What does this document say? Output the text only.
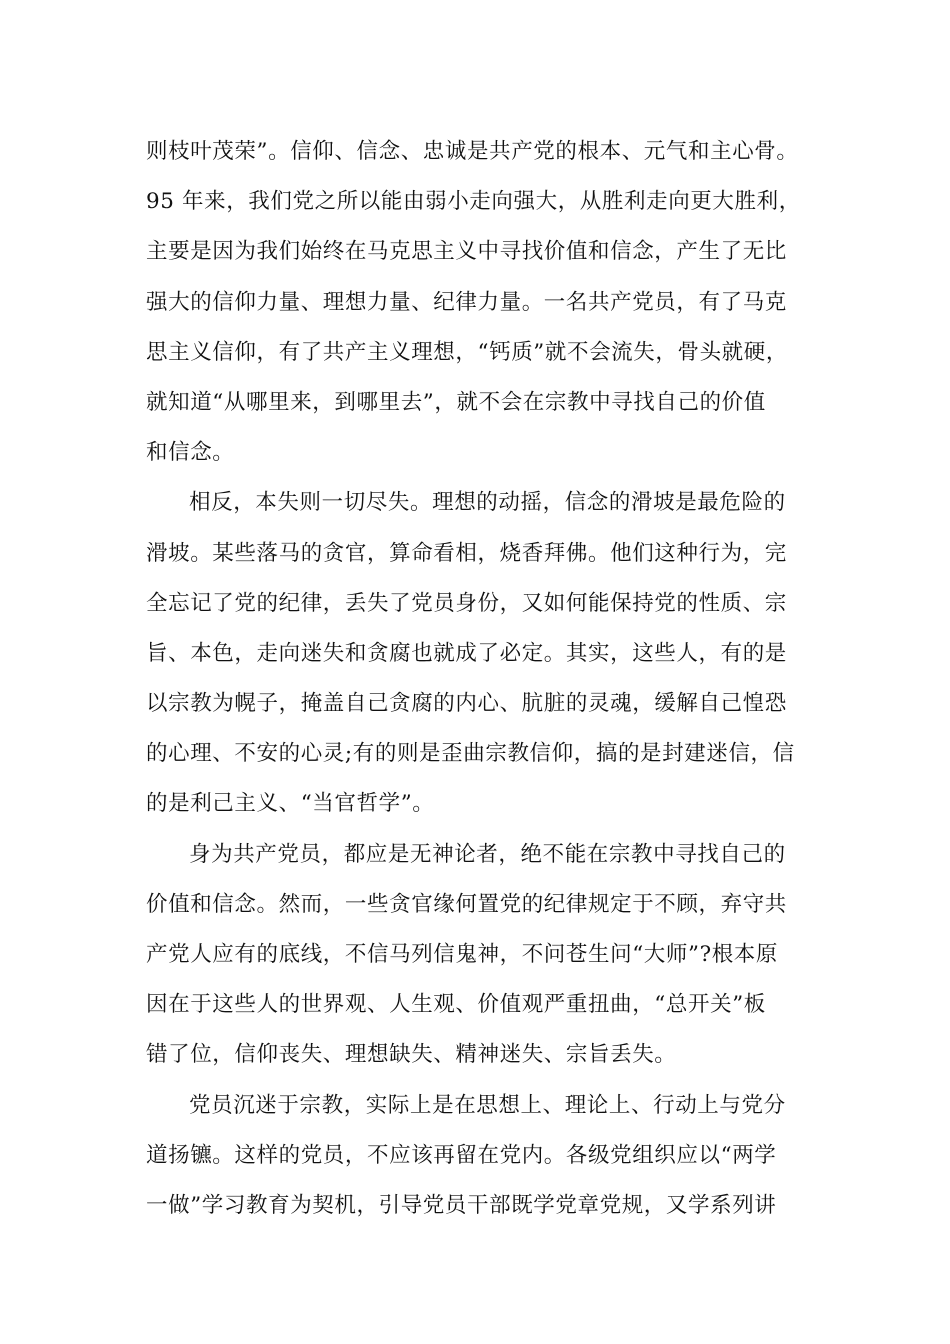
则枝叶茂荣”。信仰、信念、忠诚是共产党的根本、元气和主心骨。
95 年来，我们党之所以能由弱小走向强大，从胜利走向更大胜利，
主要是因为我们始终在马克思主义中寻找价值和信念，产生了无比
强大的信仰力量、理想力量、纪律力量。一名共产党员，有了马克
思主义信仰，有了共产主义理想，“钙质”就不会流失，骨头就硬，
就知道“从哪里来，到哪里去”，就不会在宗教中寻找自己的价值
和信念。
相反，本失则一切尽失。理想的动摇，信念的滑坡是最危险的
滑坡。某些落马的贪官，算命看相，烧香拜佛。他们这种行为，完
全忘记了党的纪律，丢失了党员身份，又如何能保持党的性质、宗
旨、本色，走向迷失和贪腐也就成了必定。其实，这些人，有的是
以宗教为幌子，掩盖自己贪腐的内心、肮脏的灵魂，缓解自己惶恐
的心理、不安的心灵;有的则是歪曲宗教信仰，搞的是封建迷信，信
的是利己主义、“当官哲学”。
身为共产党员，都应是无神论者，绝不能在宗教中寻找自己的
价值和信念。然而，一些贪官缘何置党的纪律规定于不顾，弃守共
产党人应有的底线，不信马列信鬼神，不问苍生问“大师”?根本原
因在于这些人的世界观、人生观、价值观严重扭曲，“总开关”板
错了位，信仰丧失、理想缺失、精神迷失、宗旨丢失。
党员沉迷于宗教，实际上是在思想上、理论上、行动上与党分
道扬镳。这样的党员，不应该再留在党内。各级党组织应以“两学
一做”学习教育为契机，引导党员干部既学党章党规，又学系列讲
